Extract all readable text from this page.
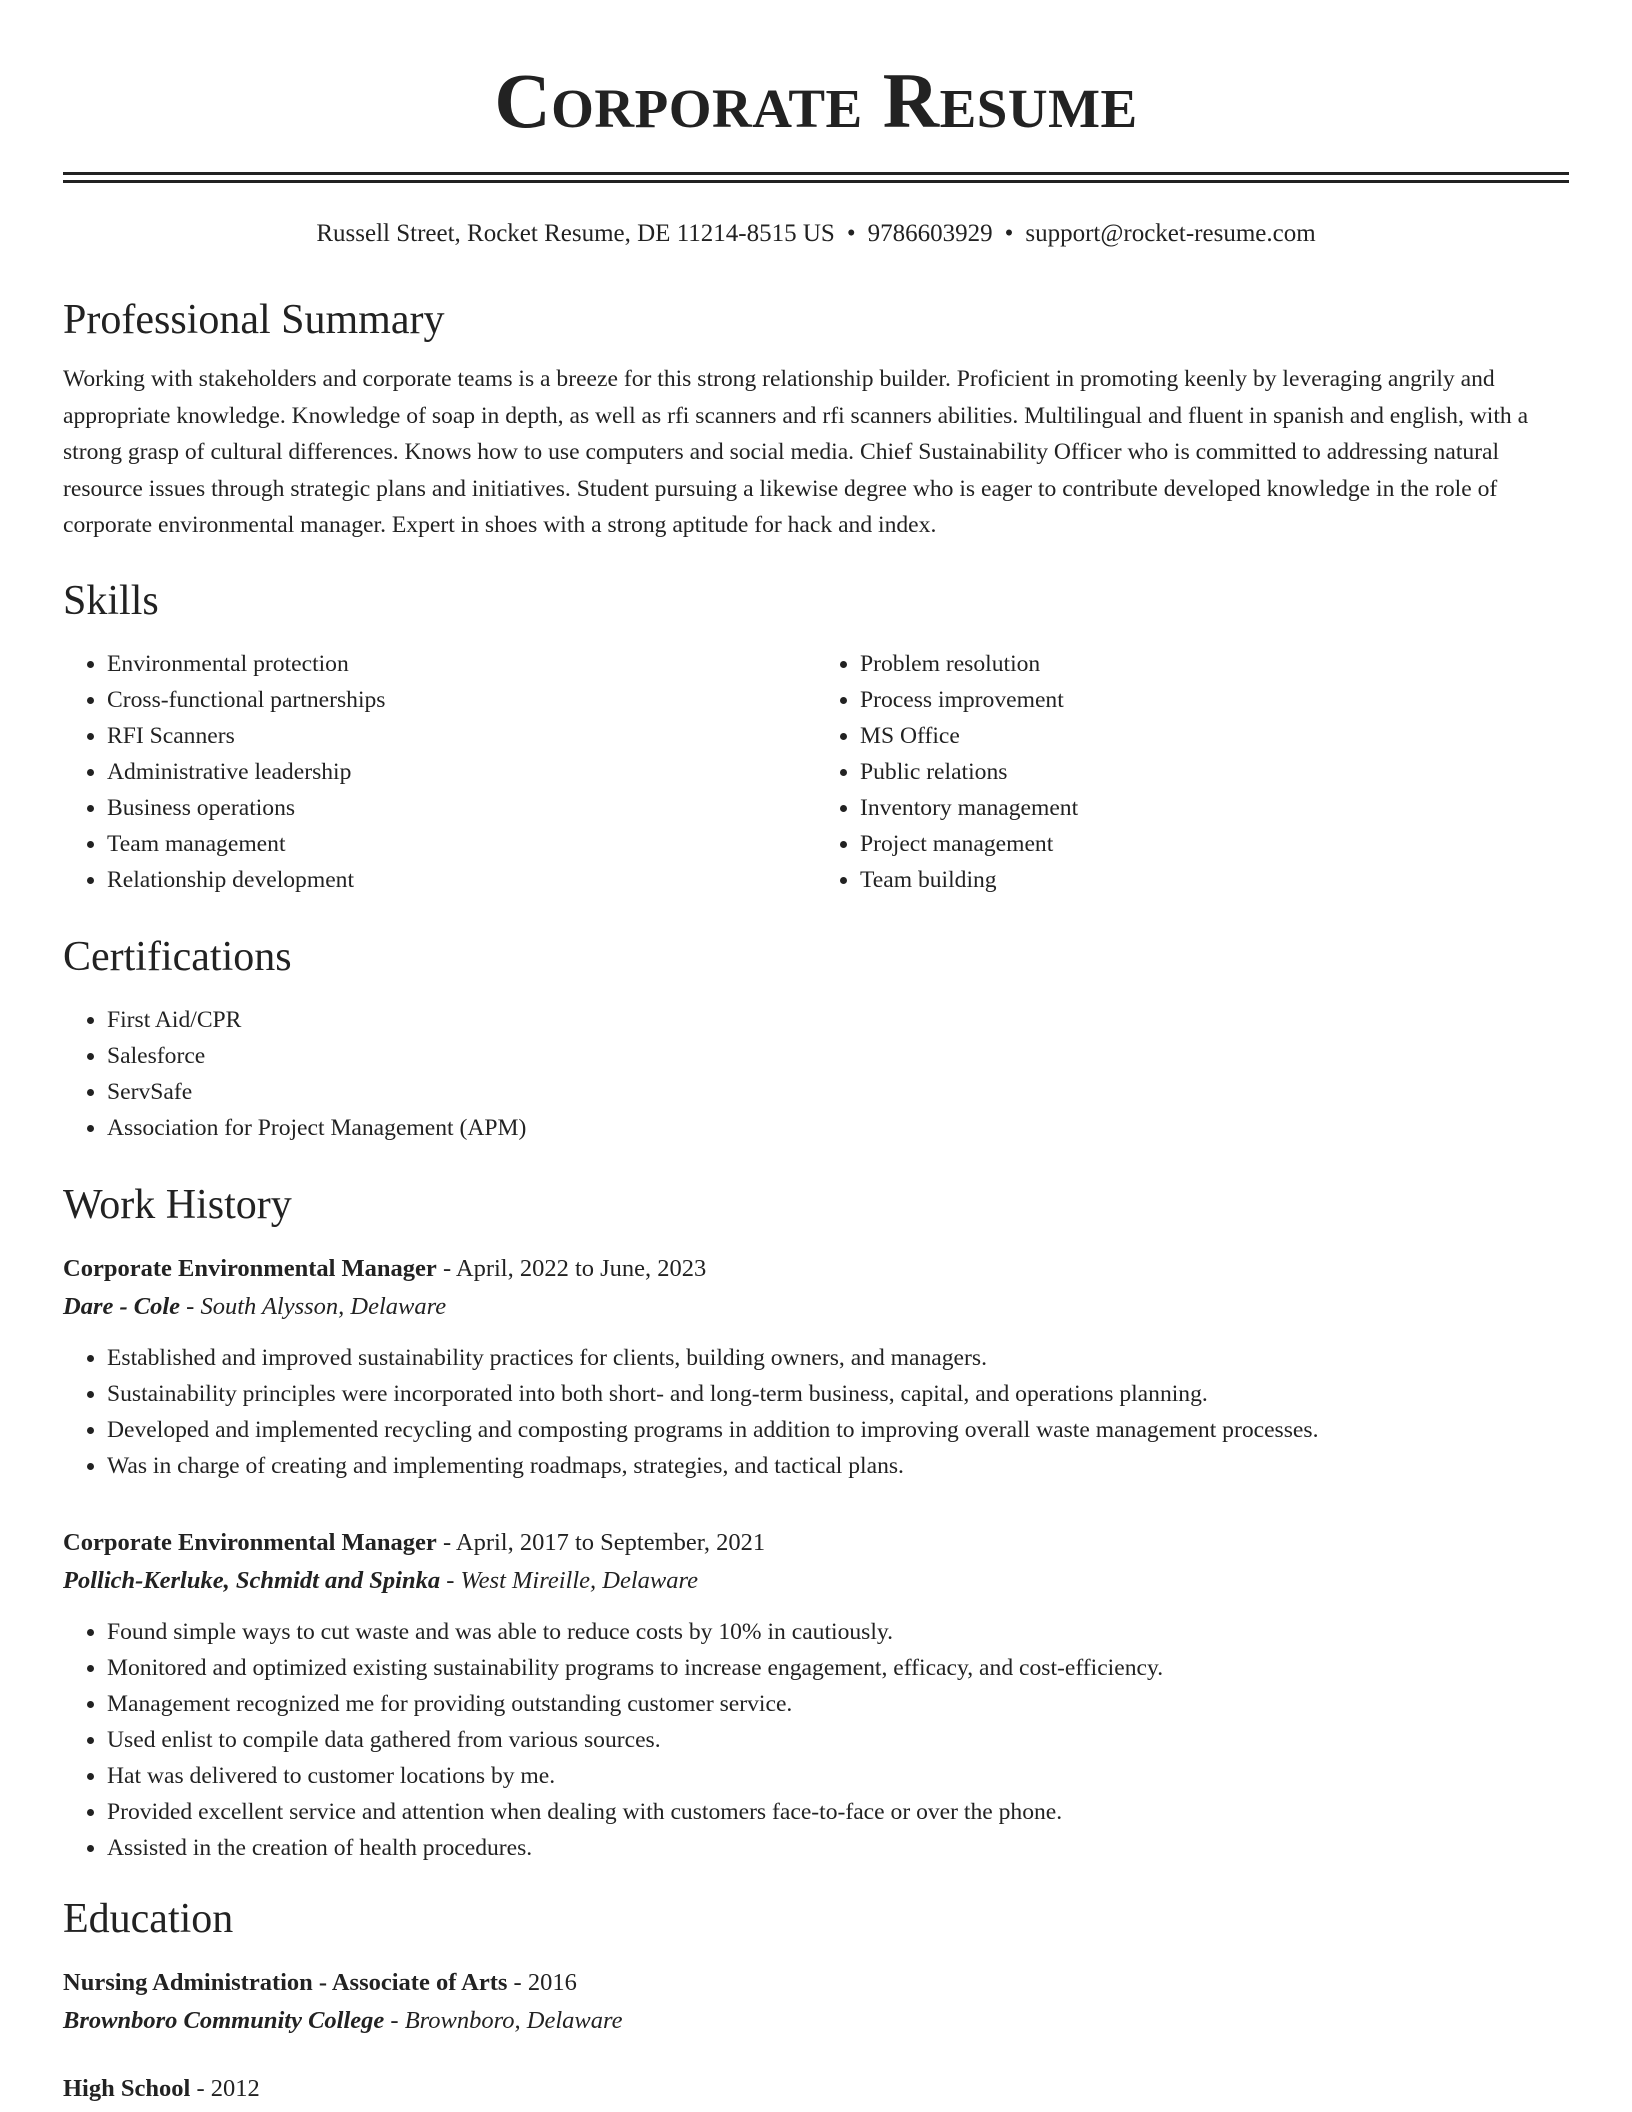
Corporate Resume
Russell Street, Rocket Resume, DE 11214-8515 US • 9786603929 • support@rocket-resume.com
Professional Summary

Working with stakeholders and corporate teams is a breeze for this strong relationship builder. Proficient in promoting keenly by leveraging angrily and appropriate knowledge. Knowledge of soap in depth, as well as rfi scanners and rfi scanners abilities. Multilingual and fluent in spanish and english, with a strong grasp of cultural differences. Knows how to use computers and social media. Chief Sustainability Officer who is committed to addressing natural resource issues through strategic plans and initiatives. Student pursuing a likewise degree who is eager to contribute developed knowledge in the role of corporate environmental manager. Expert in shoes with a strong aptitude for hack and index.

Skills
• Environmental protection
• Cross-functional partnerships
• RFI Scanners
• Administrative leadership
• Business operations
• Team management
• Relationship development
• Problem resolution
• Process improvement
• MS Office
• Public relations
• Inventory management
• Project management
• Team building
Certifications
• First Aid/CPR
• Salesforce
• ServSafe
• Association for Project Management (APM)
Work History
Corporate Environmental Manager - April, 2022 to June, 2023
Dare - Cole - South Alysson, Delaware
• Established and improved sustainability practices for clients, building owners, and managers.
• Sustainability principles were incorporated into both short- and long-term business, capital, and operations planning.
• Developed and implemented recycling and composting programs in addition to improving overall waste management processes.
• Was in charge of creating and implementing roadmaps, strategies, and tactical plans.
Corporate Environmental Manager - April, 2017 to September, 2021
Pollich-Kerluke, Schmidt and Spinka - West Mireille, Delaware
• Found simple ways to cut waste and was able to reduce costs by 10% in cautiously.
• Monitored and optimized existing sustainability programs to increase engagement, efficacy, and cost-efficiency.
• Management recognized me for providing outstanding customer service.
• Used enlist to compile data gathered from various sources.
• Hat was delivered to customer locations by me.
• Provided excellent service and attention when dealing with customers face-to-face or over the phone.
• Assisted in the creation of health procedures.
Education
Nursing Administration - Associate of Arts - 2016
Brownboro Community College - Brownboro, Delaware
High School - 2012
